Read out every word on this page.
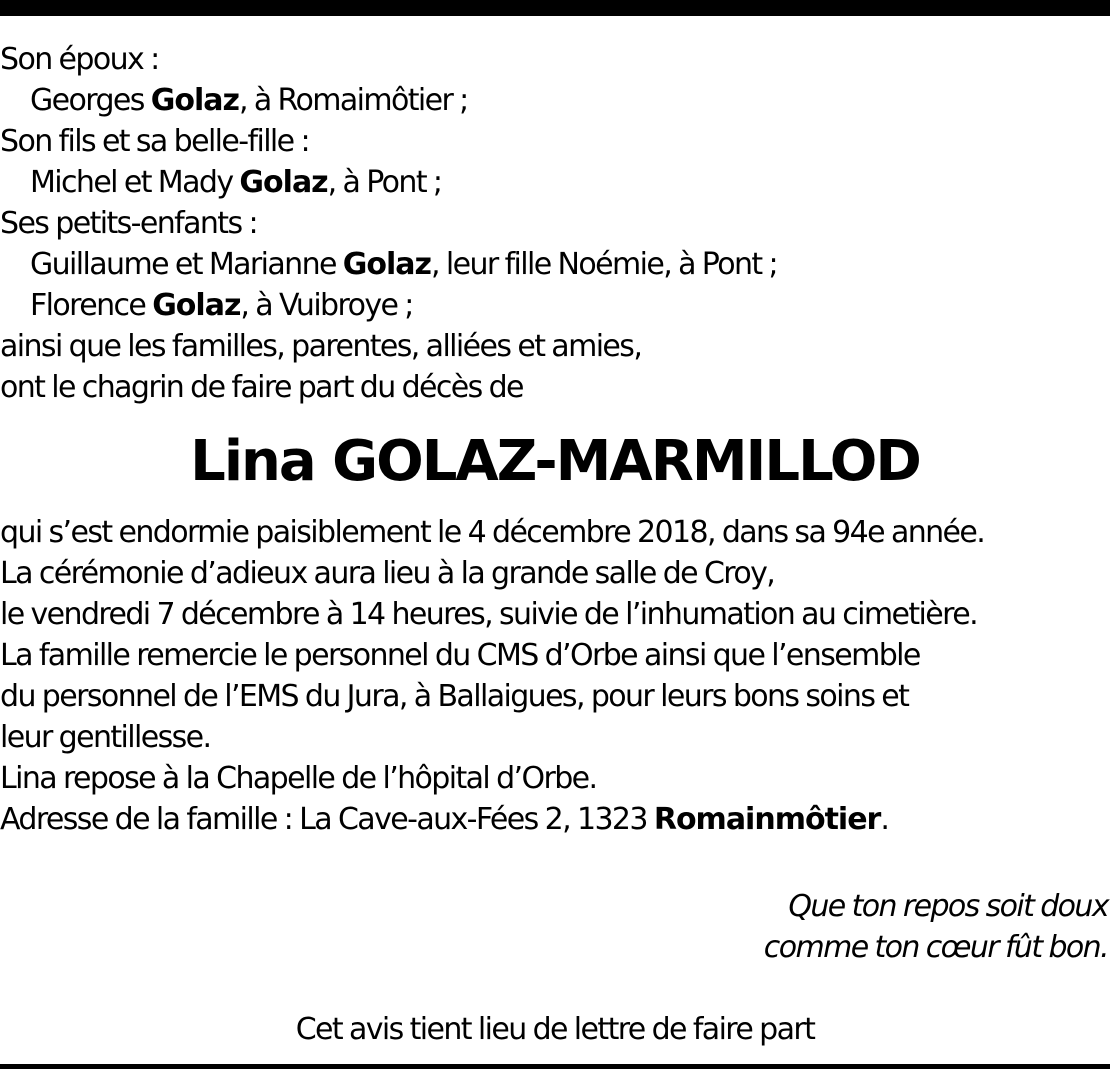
Son époux :
Georges Golaz, à Romaimôtier ;
Son fils et sa belle-fille :
Michel et Mady Golaz, à Pont ;
Ses petits-enfants :
Guillaume et Marianne Golaz, leur fille Noémie, à Pont ;
Florence Golaz, à Vuibroye ;
ainsi que les familles, parentes, alliées et amies,
ont le chagrin de faire part du décès de
Lina GOLAZ-MARMILLOD
qui s’est endormie paisiblement le 4 décembre 2018, dans sa 94e année.
La cérémonie d’adieux aura lieu à la grande salle de Croy,
le vendredi 7 décembre à 14 heures, suivie de l’inhumation au cimetière.
La famille remercie le personnel du CMS d’Orbe ainsi que l’ensemble
du personnel de l’EMS du Jura, à Ballaigues, pour leurs bons soins et
leur gentillesse.
Lina repose à la Chapelle de l’hôpital d’Orbe.
Adresse de la famille : La Cave-aux-Fées 2, 1323 Romainmôtier.
Que ton repos soit doux
comme ton cœur fût bon.
Cet avis tient lieu de lettre de faire part
